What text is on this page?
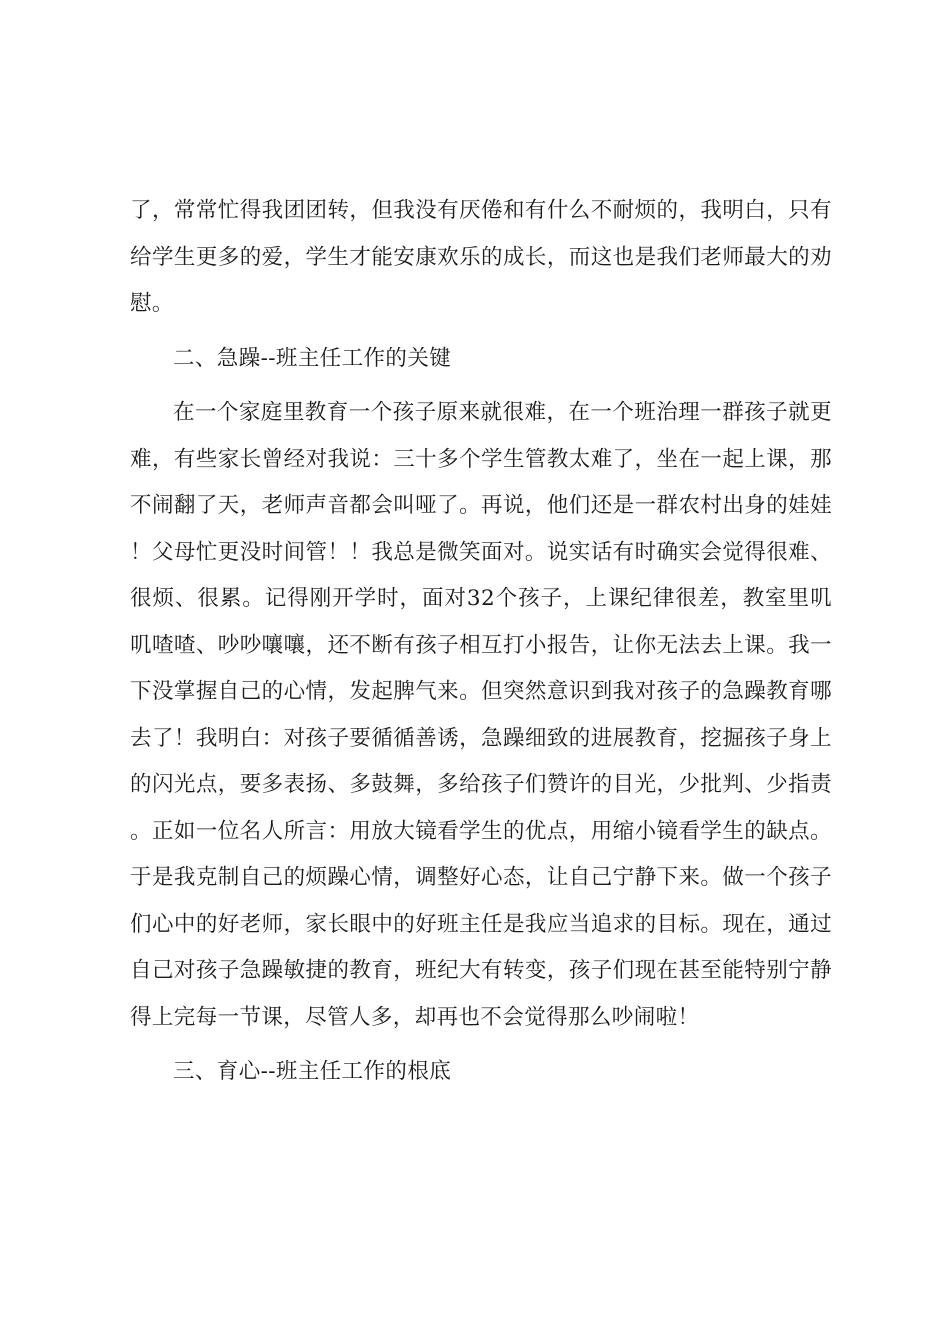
了，常常忙得我团团转，但我没有厌倦和有什么不耐烦的，我明白，只有给学生更多的爱，学生才能安康欢乐的成长，而这也是我们老师最大的劝慰。

二、急躁--班主任工作的关键

在一个家庭里教育一个孩子原来就很难，在一个班治理一群孩子就更难，有些家长曾经对我说：三十多个学生管教太难了，坐在一起上课，那不闹翻了天，老师声音都会叫哑了。再说，他们还是一群农村出身的娃娃！父母忙更没时间管！！我总是微笑面对。说实话有时确实会觉得很难、很烦、很累。记得刚开学时，面对32个孩子，上课纪律很差，教室里叽叽喳喳、吵吵嚷嚷，还不断有孩子相互打小报告，让你无法去上课。我一下没掌握自己的心情，发起脾气来。但突然意识到我对孩子的急躁教育哪去了！我明白：对孩子要循循善诱，急躁细致的进展教育，挖掘孩子身上的闪光点，要多表扬、多鼓舞，多给孩子们赞许的目光，少批判、少指责。正如一位名人所言：用放大镜看学生的优点，用缩小镜看学生的缺点。于是我克制自己的烦躁心情，调整好心态，让自己宁静下来。做一个孩子们心中的好老师，家长眼中的好班主任是我应当追求的目标。现在，通过自己对孩子急躁敏捷的教育，班纪大有转变，孩子们现在甚至能特别宁静得上完每一节课，尽管人多，却再也不会觉得那么吵闹啦！

三、育心--班主任工作的根底
